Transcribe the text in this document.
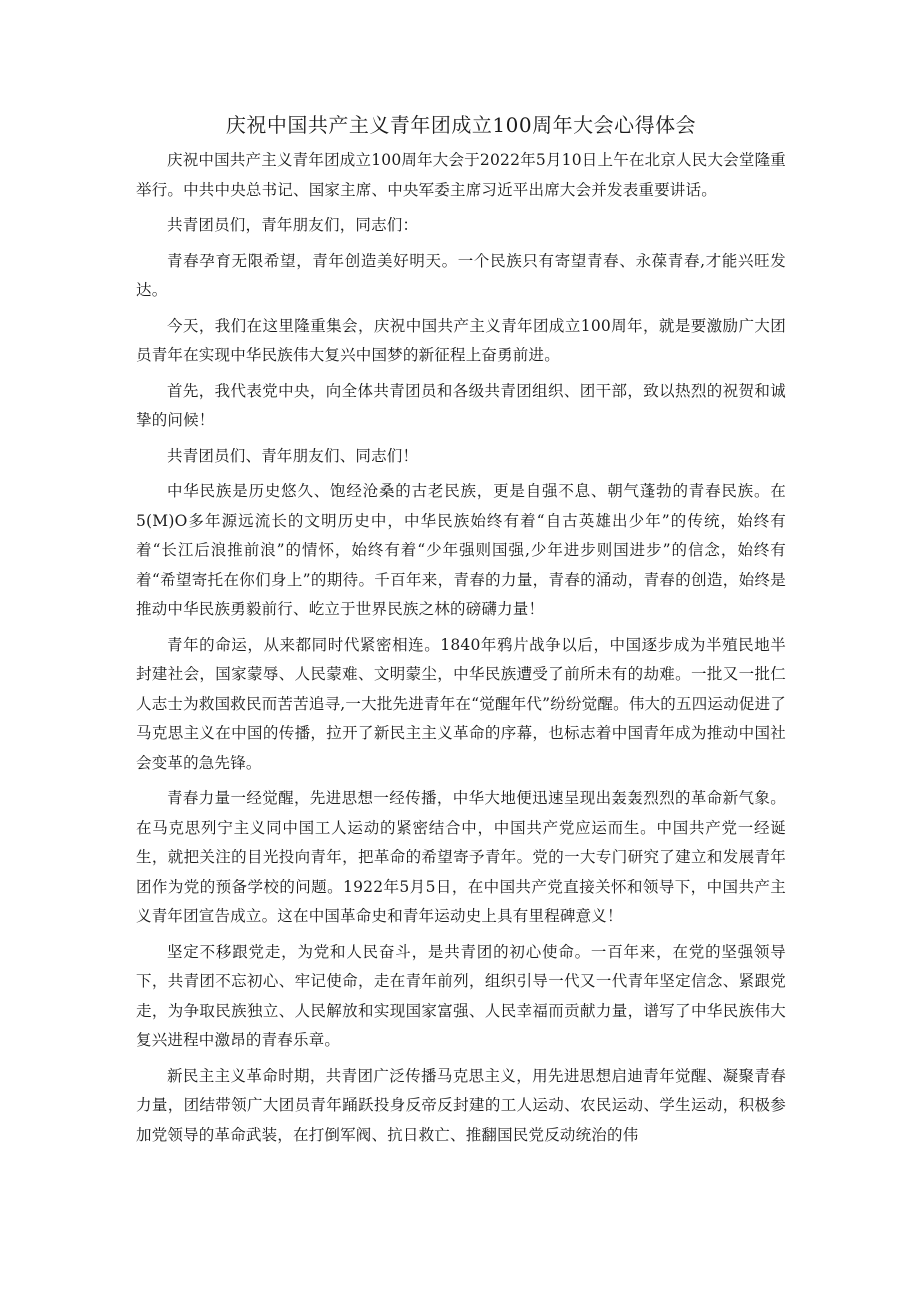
庆祝中国共产主义青年团成立100周年大会心得体会

庆祝中国共产主义青年团成立100周年大会于2022年5月10日上午在北京人民大会堂隆重举行。中共中央总书记、国家主席、中央军委主席习近平出席大会并发表重要讲话。

共青团员们，青年朋友们，同志们：

青春孕育无限希望，青年创造美好明天。一个民族只有寄望青春、永葆青春,才能兴旺发达。

今天，我们在这里隆重集会，庆祝中国共产主义青年团成立100周年，就是要激励广大团员青年在实现中华民族伟大复兴中国梦的新征程上奋勇前进。

首先，我代表党中央，向全体共青团员和各级共青团组织、团干部，致以热烈的祝贺和诚挚的问候！

共青团员们、青年朋友们、同志们！

中华民族是历史悠久、饱经沧桑的古老民族，更是自强不息、朝气蓬勃的青春民族。在5(M)O多年源远流长的文明历史中，中华民族始终有着“自古英雄出少年”的传统，始终有着“长江后浪推前浪”的情怀，始终有着“少年强则国强,少年进步则国进步”的信念，始终有着“希望寄托在你们身上”的期待。千百年来，青春的力量，青春的涌动，青春的创造，始终是推动中华民族勇毅前行、屹立于世界民族之林的磅礴力量！

青年的命运，从来都同时代紧密相连。1840年鸦片战争以后，中国逐步成为半殖民地半封建社会，国家蒙辱、人民蒙难、文明蒙尘，中华民族遭受了前所未有的劫难。一批又一批仁人志士为救国救民而苦苦追寻,一大批先进青年在“觉醒年代”纷纷觉醒。伟大的五四运动促进了马克思主义在中国的传播，拉开了新民主主义革命的序幕，也标志着中国青年成为推动中国社会变革的急先锋。

青春力量一经觉醒，先进思想一经传播，中华大地便迅速呈现出轰轰烈烈的革命新气象。在马克思列宁主义同中国工人运动的紧密结合中，中国共产党应运而生。中国共产党一经诞生，就把关注的目光投向青年，把革命的希望寄予青年。党的一大专门研究了建立和发展青年团作为党的预备学校的问题。1922年5月5日，在中国共产党直接关怀和领导下，中国共产主义青年团宣告成立。这在中国革命史和青年运动史上具有里程碑意义！

坚定不移跟党走，为党和人民奋斗，是共青团的初心使命。一百年来，在党的坚强领导下，共青团不忘初心、牢记使命，走在青年前列，组织引导一代又一代青年坚定信念、紧跟党走，为争取民族独立、人民解放和实现国家富强、人民幸福而贡献力量，谱写了中华民族伟大复兴进程中激昂的青春乐章。

新民主主义革命时期，共青团广泛传播马克思主义，用先进思想启迪青年觉醒、凝聚青春力量，团结带领广大团员青年踊跃投身反帝反封建的工人运动、农民运动、学生运动，积极参加党领导的革命武装，在打倒军阀、抗日救亡、推翻国民党反动统治的伟
